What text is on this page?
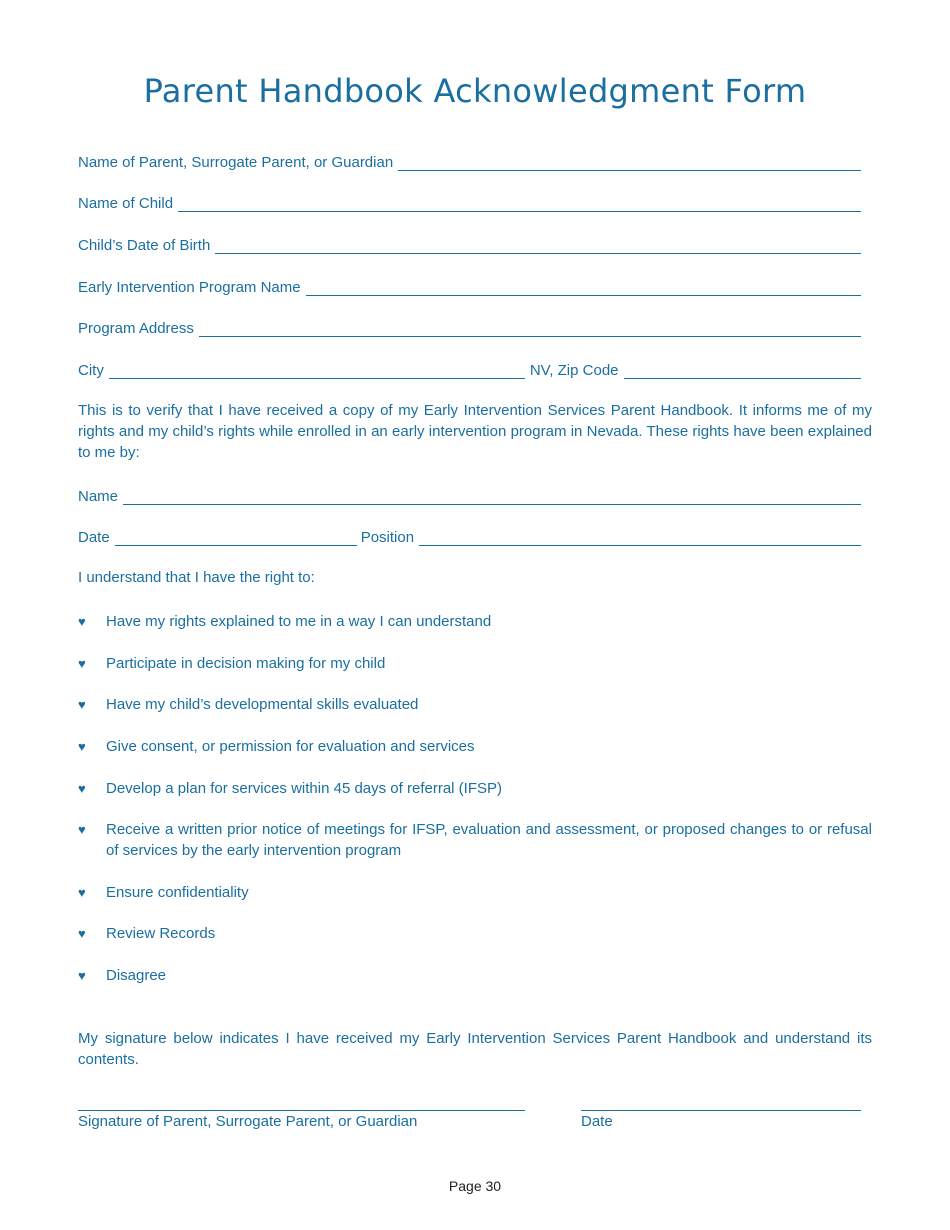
Parent Handbook Acknowledgment Form
Name of Parent, Surrogate Parent, or Guardian
Name of Child
Child’s Date of Birth
Early Intervention Program Name
Program Address
City	NV, Zip Code
This is to verify that I have received a copy of my Early Intervention Services Parent Handbook. It informs me of my rights and my child’s rights while enrolled in an early intervention program in Nevada. These rights have been explained to me by:
Name
Date	Position
I understand that I have the right to:
♥ Have my rights explained to me in a way I can understand
♥ Participate in decision making for my child
♥ Have my child’s developmental skills evaluated
♥ Give consent, or permission for evaluation and services
♥ Develop a plan for services within 45 days of referral (IFSP)
♥ Receive a written prior notice of meetings for IFSP, evaluation and assessment, or proposed changes to or refusal of services by the early intervention program
♥ Ensure confidentiality
♥ Review Records
♥ Disagree
My signature below indicates I have received my Early Intervention Services Parent Handbook and understand its contents.
Signature of Parent, Surrogate Parent, or Guardian	Date
Page 30
